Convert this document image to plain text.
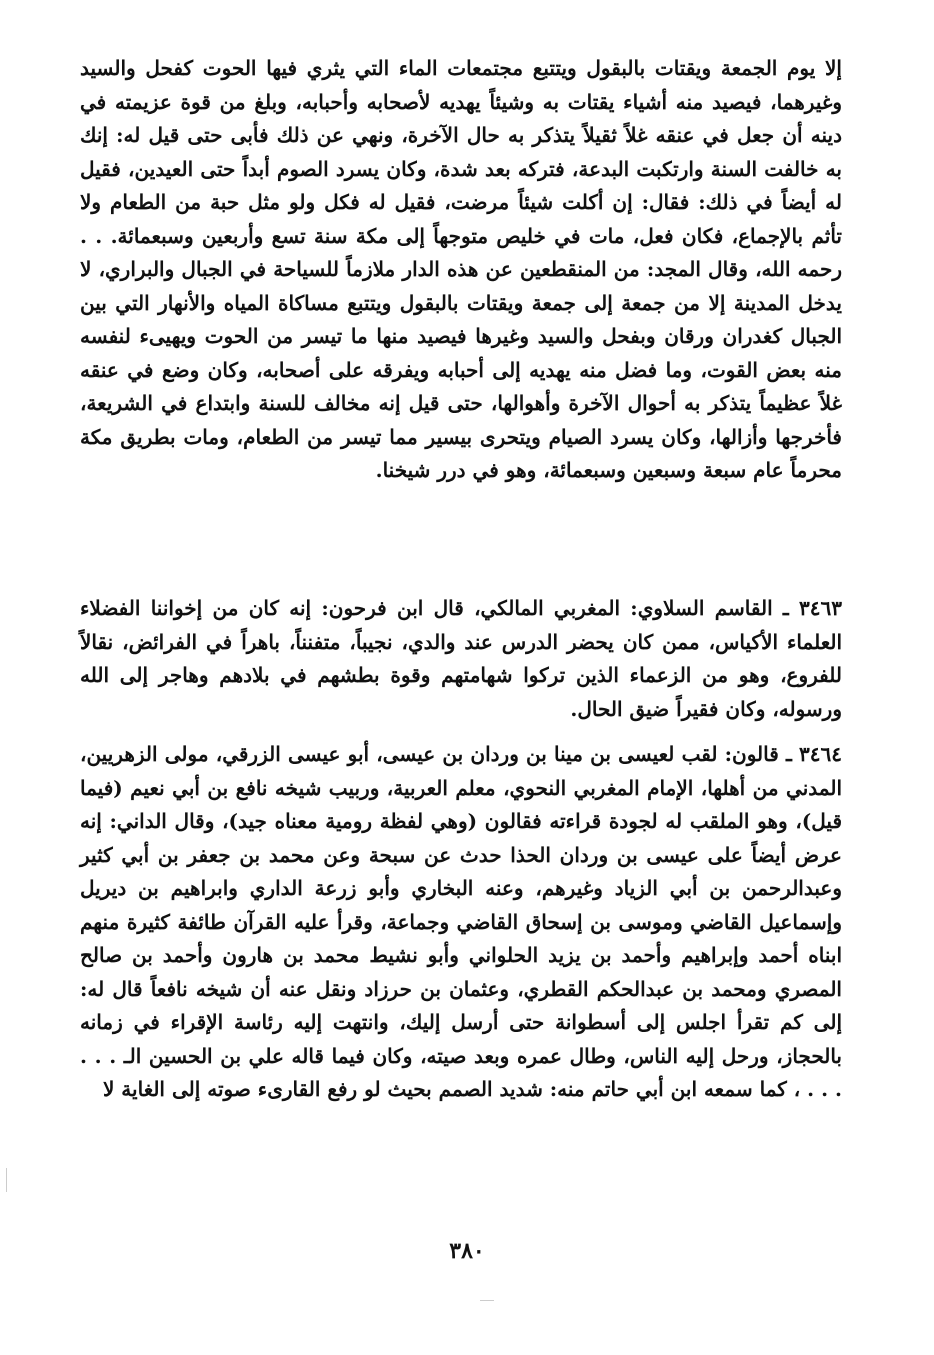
إلا يوم الجمعة ويقتات بالبقول ويتتبع مجتمعات الماء التي يثري فيها الحوت كفحل والسيد وغيرهما، فيصيد منه أشياء يقتات به وشيئاً يهديه لأصحابه وأحبابه، وبلغ من قوة عزيمته في دينه أن جعل في عنقه غلاً ثقيلاً يتذكر به حال الآخرة، ونهي عن ذلك فأبى حتى قيل له: إنك به خالفت السنة وارتكبت البدعة، فتركه بعد شدة، وكان يسرد الصوم أبداً حتى العيدين، فقيل له أيضاً في ذلك: فقال: إن أكلت شيئاً مرضت، فقيل له فكل ولو مثل حبة من الطعام ولا تأثم بالإجماع، فكان فعل، مات في خليص متوجهاً إلى مكة سنة تسع وأربعين وسبعمائة. . . رحمه الله، وقال المجد: من المنقطعين عن هذه الدار ملازماً للسياحة في الجبال والبراري، لا يدخل المدينة إلا من جمعة إلى جمعة ويقتات بالبقول ويتتبع مساكاة المياه والأنهار التي بين الجبال كغدران ورقان وبفحل والسيد وغيرها فيصيد منها ما تيسر من الحوت ويهيىء لنفسه منه بعض القوت، وما فضل منه يهديه إلى أحبابه ويفرقه على أصحابه، وكان وضع في عنقه غلاً عظيماً يتذكر به أحوال الآخرة وأهوالها، حتى قيل إنه مخالف للسنة وابتداع في الشريعة، فأخرجها وأزالها، وكان يسرد الصيام ويتحرى بيسير مما تيسر من الطعام، ومات بطريق مكة محرماً عام سبعة وسبعين وسبعمائة، وهو في درر شيخنا.

٣٤٦٣ ـ القاسم السلاوي: المغربي المالكي، قال ابن فرحون: إنه كان من إخواننا الفضلاء العلماء الأكياس، ممن كان يحضر الدرس عند والدي، نجيباً، متفنناً، باهراً في الفرائض، نقالاً للفروع، وهو من الزعماء الذين تركوا شهامتهم وقوة بطشهم في بلادهم وهاجر إلى الله ورسوله، وكان فقيراً ضيق الحال.

٣٤٦٤ ـ قالون: لقب لعيسى بن مينا بن وردان بن عيسى، أبو عيسى الزرقي، مولى الزهريين، المدني من أهلها، الإمام المغربي النحوي، معلم العربية، وربيب شيخه نافع بن أبي نعيم (فيما قيل)، وهو الملقب له لجودة قراءته فقالون (وهي لفظة رومية معناه جيد)، وقال الداني: إنه عرض أيضاً على عيسى بن وردان الحذا حدث عن سبحة وعن محمد بن جعفر بن أبي كثير وعبدالرحمن بن أبي الزياد وغيرهم، وعنه البخاري وأبو زرعة الداري وابراهيم بن ديريل وإسماعيل القاضي وموسى بن إسحاق القاضي وجماعة، وقرأ عليه القرآن طائفة كثيرة منهم ابناه أحمد وإبراهيم وأحمد بن يزيد الحلواني وأبو نشيط محمد بن هارون وأحمد بن صالح المصري ومحمد بن عبدالحكم القطري، وعثمان بن حرزاد ونقل عنه أن شيخه نافعاً قال له: إلى كم تقرأ اجلس إلى أسطوانة حتى أرسل إليك، وانتهت إليه رئاسة الإقراء في زمانه بالحجاز، ورحل إليه الناس، وطال عمره وبعد صيته، وكان فيما قاله علي بن الحسين الـ . . . . . . ، كما سمعه ابن أبي حاتم منه: شديد الصمم بحيث لو رفع القارىء صوته إلى الغاية لا

٣٨٠
